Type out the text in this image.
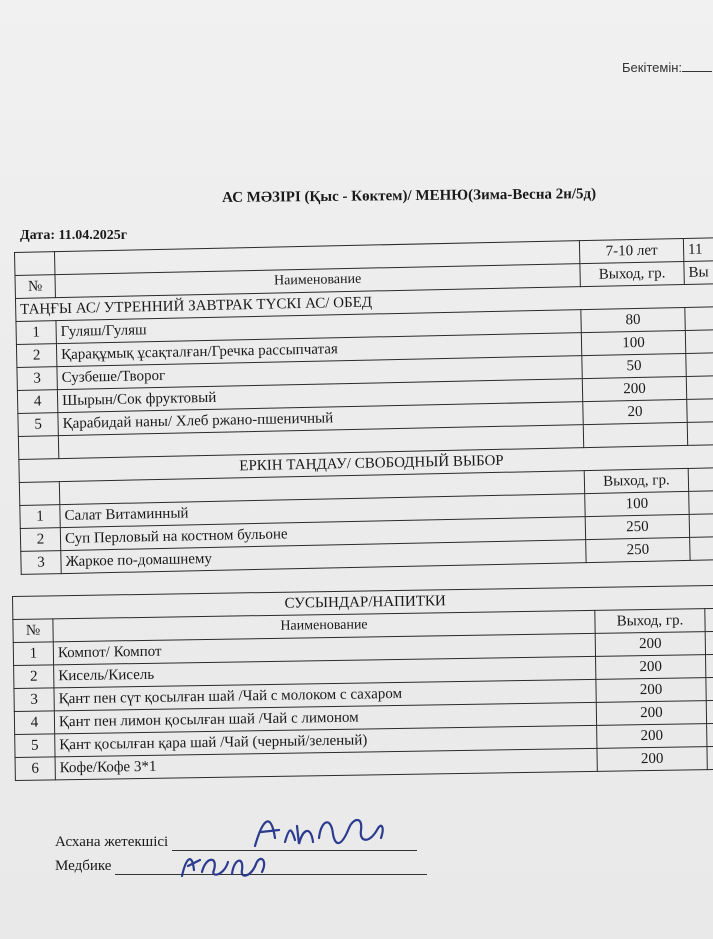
Бекітемін:
АС МӘЗІРІ (Қыс - Көктем)/ МЕНЮ(Зима-Весна 2н/5д)
Дата: 11.04.2025г
		7-10 лет	11
№	Наименование	Выход, гр.	Вы
ТАҢҒЫ АС/ УТРЕННИЙ ЗАВТРАК ТҮСКІ АС/ ОБЕД			
1	Гуляш/Гуляш	80	
2	Қарақұмық ұсақталған/Гречка рассыпчатая	100	
3	Сузбеше/Творог	50	
4	Шырын/Сок фруктовый	200	
5	Қарабидай наны/ Хлеб ржано-пшеничный	20	

ЕРКІН ТАҢДАУ/ СВОБОДНЫЙ ВЫБОР			
		Выход, гр.	
1	Салат Витаминный	100	
2	Суп Перловый на костном бульоне	250	
3	Жаркое по-домашнему	250	
СУСЫНДАР/НАПИТКИ			
№	Наименование	Выход, гр.	
1	Компот/ Компот	200	
2	Кисель/Кисель	200	
3	Қант пен сүт қосылған шай /Чай с молоком с сахаром	200	
4	Қант пен лимон қосылған шай /Чай с лимоном	200	
5	Қант қосылған қара шай /Чай (черный/зеленый)	200	
6	Кофе/Кофе 3*1	200	
Асхана жетекшісі
Медбике
